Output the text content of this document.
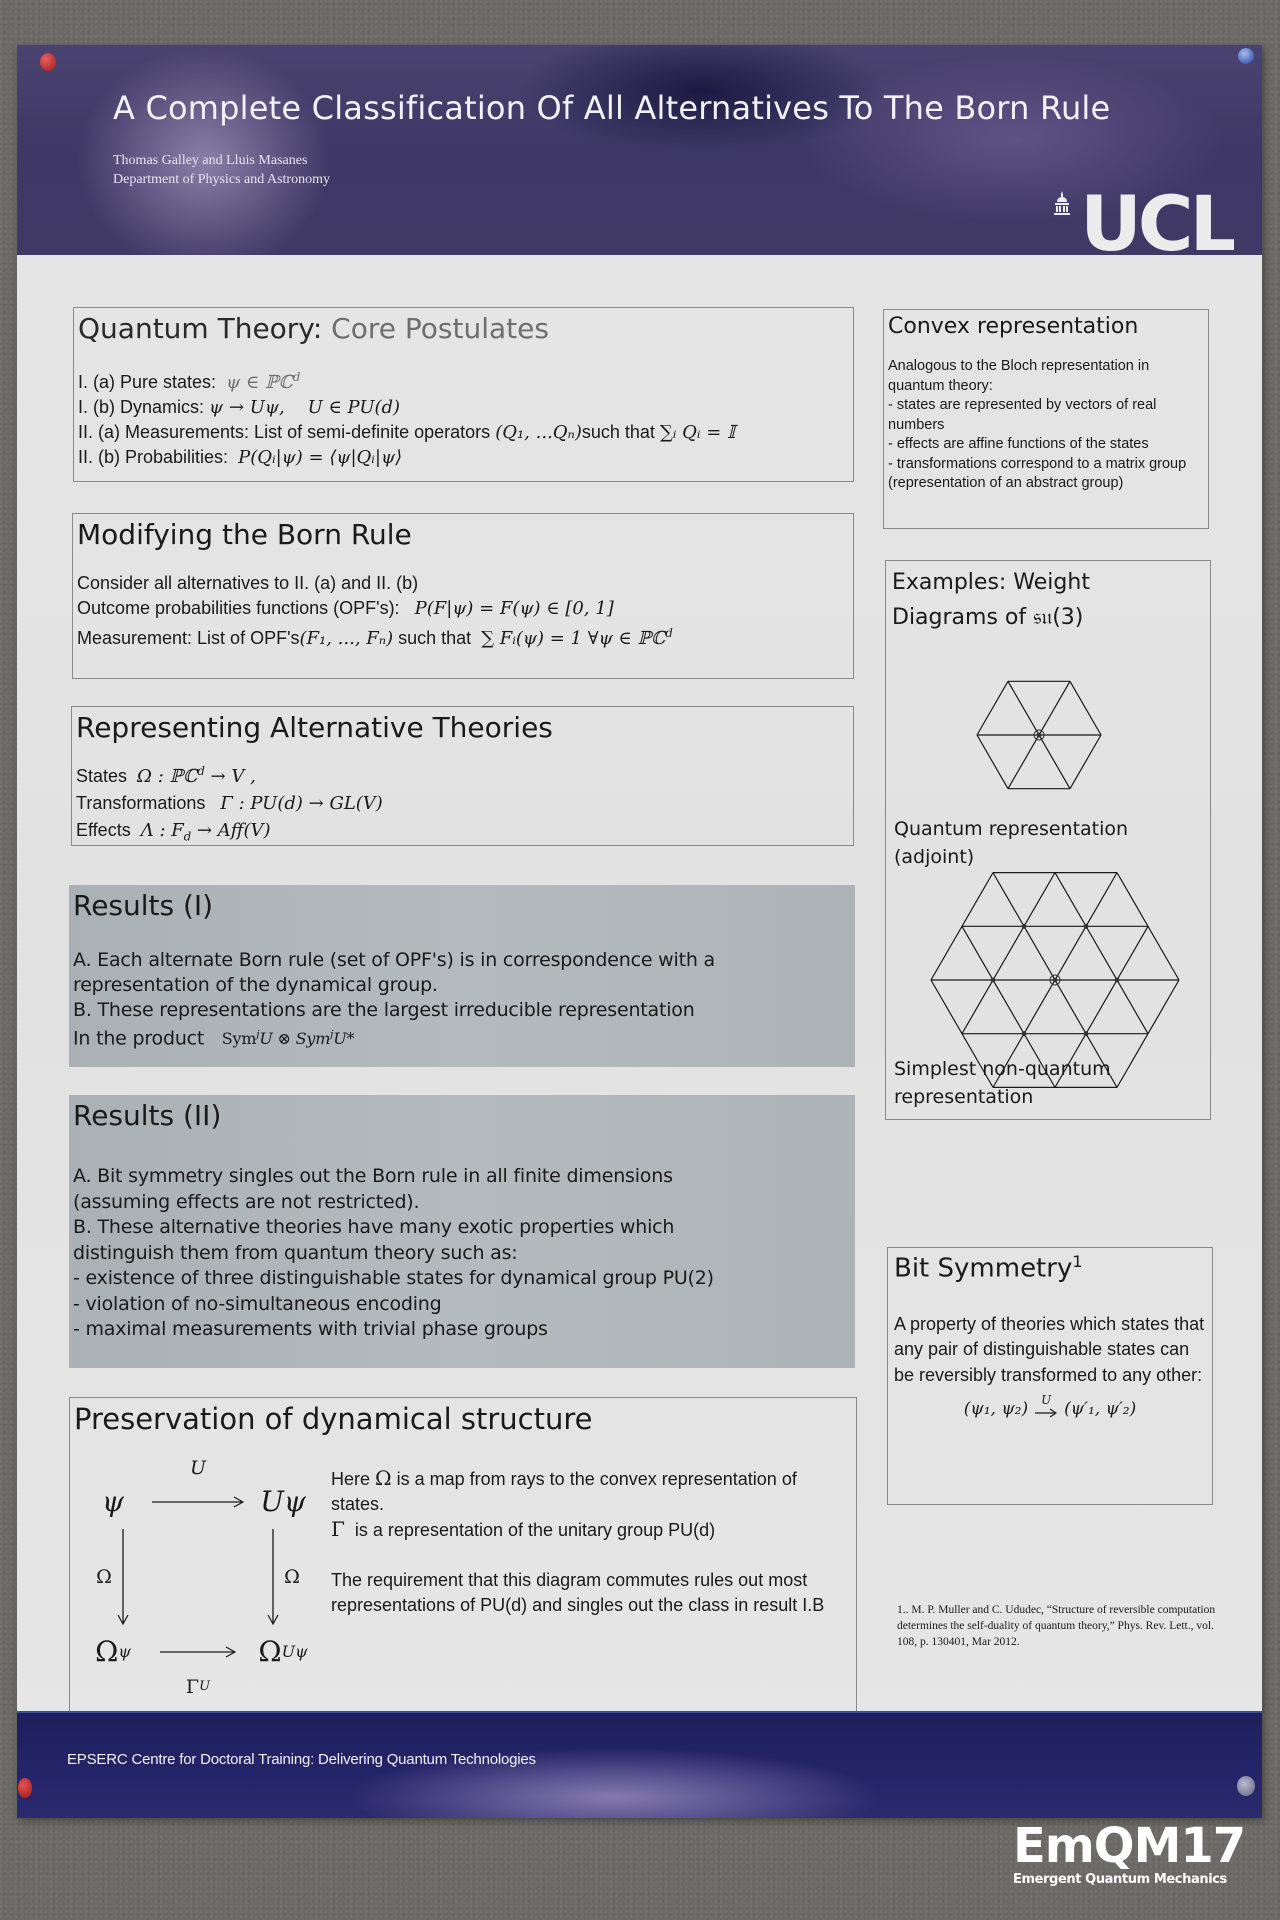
A Complete Classification Of All Alternatives To The Born Rule
Thomas Galley and Lluis Masanes
Department of Physics and Astronomy	UCL
Quantum Theory: Core Postulates
I. (a) Pure states: ψ ∈ ℙℂ$^d$
I. (b) Dynamics: ψ → Uψ,    U ∈ PU(d)
II. (a) Measurements: List of semi-definite operators (Q₁, ...Qₙ)such that ∑ᵢ Qᵢ = 𝕀
II. (b) Probabilities: P(Qᵢ|ψ) = ⟨ψ|Qᵢ|ψ⟩
Modifying the Born Rule
Consider all alternatives to II. (a) and II. (b)
Outcome probabilities functions (OPF's): P(F|ψ) = F(ψ) ∈ [0, 1]
Measurement: List of OPF's(F₁, ..., Fₙ) such that ∑ Fᵢ(ψ) = 1 ∀ψ ∈ ℙℂ$^d$
Representing Alternative Theories
States Ω : ℙℂ$^d$ → V ,
Transformations Γ : PU(d) → GL(V)
Effects Λ : $F_d \to Aff(V)$
Results (I)
A. Each alternate Born rule (set of OPF's) is in correspondence with a
representation of the dynamical group.
B. These representations are the largest irreducible representation
In the product Sym$^j$U ⊗ Sym$^j$U*
Results (II)
A. Bit symmetry singles out the Born rule in all finite dimensions
(assuming effects are not restricted).
B. These alternative theories have many exotic properties which
distinguish them from quantum theory such as:
- existence of three distinguishable states for dynamical group PU(2)
- violation of no-simultaneous encoding
- maximal measurements with trivial phase groups
Preservation of dynamical structure
U
ψ	Uψ
Ω	Ω
Ω ψ	Ω Uψ
Γ U
Here Ω is a map from rays to the convex representation of states.
Γ is a representation of the unitary group PU(d)
The requirement that this diagram commutes rules out most representations of PU(d) and singles out the class in result I.B
Convex representation
Analogous to the Bloch representation in quantum theory:
- states are represented by vectors of real numbers
- effects are affine functions of the states
- transformations correspond to a matrix group (representation of an abstract group)
Examples: Weight
Diagrams of 𝔰𝔲(3)
Quantum representation (adjoint)
Simplest non-quantum representation
Bit Symmetry$^1$
A property of theories which states that any pair of distinguishable states can be reversibly transformed to any other:
(ψ₁, ψ₂) U (ψ′₁, ψ′₂)
1.. M. P. Muller and C. Ududec, “Structure of reversible computation determines the self-duality of quantum theory,” Phys. Rev. Lett., vol. 108, p. 130401, Mar 2012.
EPSERC Centre for Doctoral Training: Delivering Quantum Technologies
EmQM17
Emergent Quantum Mechanics
